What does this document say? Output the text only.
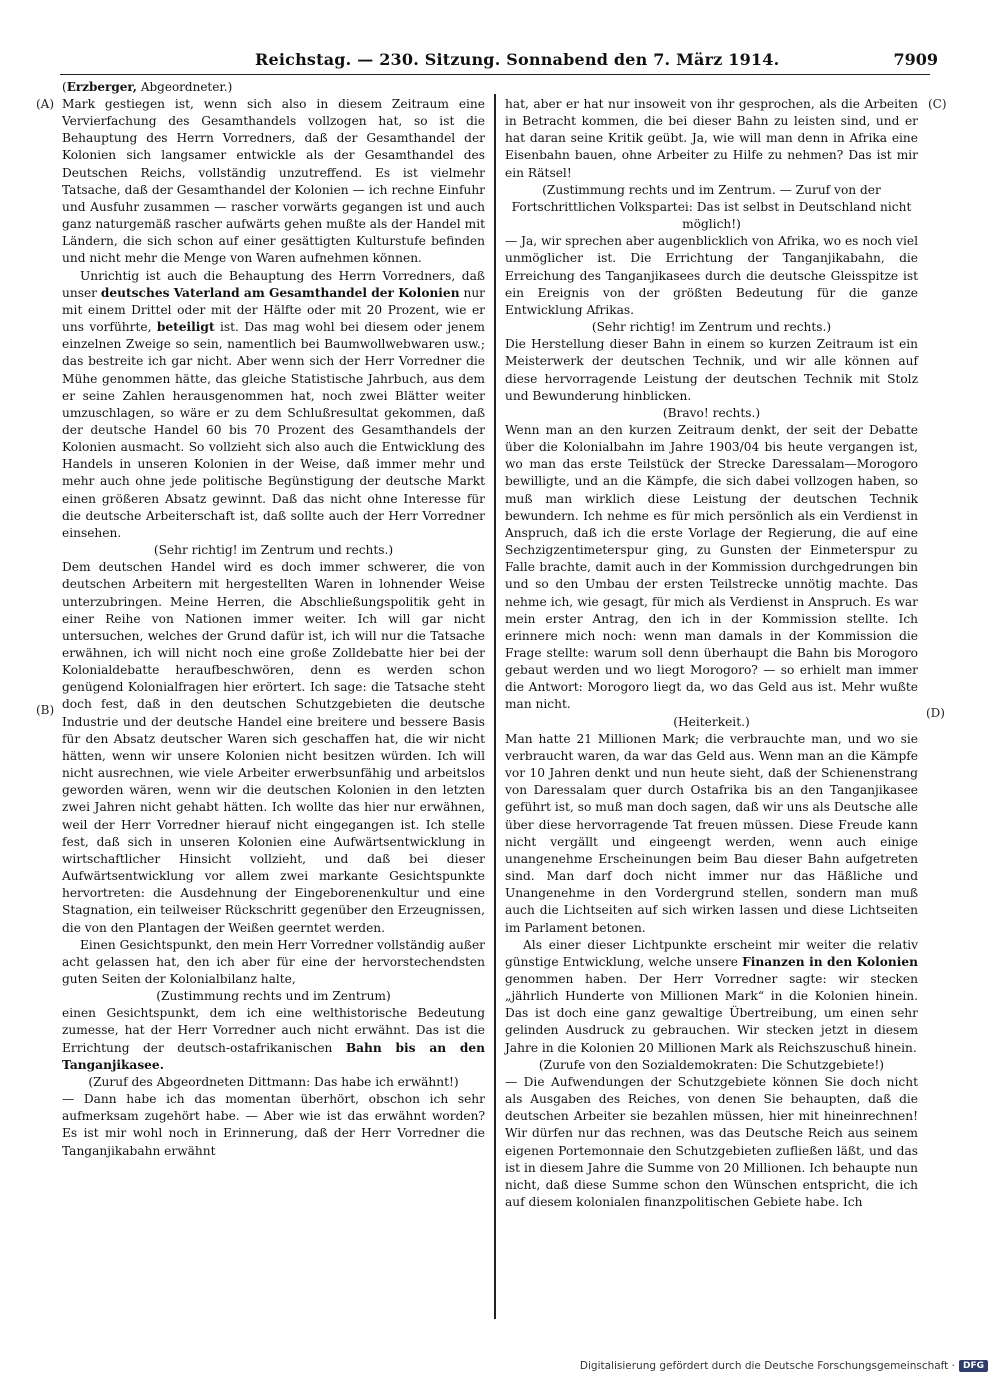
Reichstag. — 230. Sitzung. Sonnabend den 7. März 1914.	7909
(Erzberger, Abgeordneter.)
(A)
(B)
(C)
(D)

Mark gestiegen ist, wenn sich also in diesem Zeitraum eine Vervierfachung des Gesamthandels vollzogen hat, so ist die Behauptung des Herrn Vorredners, daß der Gesamthandel der Kolonien sich langsamer entwickle als der Gesamthandel des Deutschen Reichs, vollständig unzutreffend. Es ist vielmehr Tatsache, daß der Gesamthandel der Kolonien — ich rechne Einfuhr und Ausfuhr zusammen — rascher vorwärts gegangen ist und auch ganz naturgemäß rascher aufwärts gehen mußte als der Handel mit Ländern, die sich schon auf einer gesättigten Kulturstufe befinden und nicht mehr die Menge von Waren aufnehmen können.

Unrichtig ist auch die Behauptung des Herrn Vorredners, daß unser deutsches Vaterland am Gesamthandel der Kolonien nur mit einem Drittel oder mit der Hälfte oder mit 20 Prozent, wie er uns vorführte, beteiligt ist. Das mag wohl bei diesem oder jenem einzelnen Zweige so sein, namentlich bei Baumwollwebwaren usw.; das bestreite ich gar nicht. Aber wenn sich der Herr Vorredner die Mühe genommen hätte, das gleiche Statistische Jahrbuch, aus dem er seine Zahlen herausgenommen hat, noch zwei Blätter weiter umzuschlagen, so wäre er zu dem Schlußresultat gekommen, daß der deutsche Handel 60 bis 70 Prozent des Gesamthandels der Kolonien ausmacht. So vollzieht sich also auch die Entwicklung des Handels in unseren Kolonien in der Weise, daß immer mehr und mehr auch ohne jede politische Begünstigung der deutsche Markt einen größeren Absatz gewinnt. Daß das nicht ohne Interesse für die deutsche Arbeiterschaft ist, daß sollte auch der Herr Vorredner einsehen.

(Sehr richtig! im Zentrum und rechts.)

Dem deutschen Handel wird es doch immer schwerer, die von deutschen Arbeitern mit hergestellten Waren in lohnender Weise unterzubringen. Meine Herren, die Abschließungspolitik geht in einer Reihe von Nationen immer weiter. Ich will gar nicht untersuchen, welches der Grund dafür ist, ich will nur die Tatsache erwähnen, ich will nicht noch eine große Zolldebatte hier bei der Kolonialdebatte heraufbeschwören, denn es werden schon genügend Kolonialfragen hier erörtert. Ich sage: die Tatsache steht doch fest, daß in den deutschen Schutzgebieten die deutsche Industrie und der deutsche Handel eine breitere und bessere Basis für den Absatz deutscher Waren sich geschaffen hat, die wir nicht hätten, wenn wir unsere Kolonien nicht besitzen würden. Ich will nicht ausrechnen, wie viele Arbeiter erwerbsunfähig und arbeitslos geworden wären, wenn wir die deutschen Kolonien in den letzten zwei Jahren nicht gehabt hätten. Ich wollte das hier nur erwähnen, weil der Herr Vorredner hierauf nicht eingegangen ist. Ich stelle fest, daß sich in unseren Kolonien eine Aufwärtsentwicklung in wirtschaftlicher Hinsicht vollzieht, und daß bei dieser Aufwärtsentwicklung vor allem zwei markante Gesichtspunkte hervortreten: die Ausdehnung der Eingeborenenkultur und eine Stagnation, ein teilweiser Rückschritt gegenüber den Erzeugnissen, die von den Plantagen der Weißen geerntet werden.

Einen Gesichtspunkt, den mein Herr Vorredner vollständig außer acht gelassen hat, den ich aber für eine der hervorstechendsten guten Seiten der Kolonialbilanz halte,

(Zustimmung rechts und im Zentrum)

einen Gesichtspunkt, dem ich eine welthistorische Bedeutung zumesse, hat der Herr Vorredner auch nicht erwähnt. Das ist die Errichtung der deutsch-ostafrikanischen Bahn bis an den Tanganjikasee.

(Zuruf des Abgeordneten Dittmann: Das habe ich erwähnt!)

— Dann habe ich das momentan überhört, obschon ich sehr aufmerksam zugehört habe. — Aber wie ist das erwähnt worden? Es ist mir wohl noch in Erinnerung, daß der Herr Vorredner die Tanganjikabahn erwähnt

hat, aber er hat nur insoweit von ihr gesprochen, als die Arbeiten in Betracht kommen, die bei dieser Bahn zu leisten sind, und er hat daran seine Kritik geübt. Ja, wie will man denn in Afrika eine Eisenbahn bauen, ohne Arbeiter zu Hilfe zu nehmen? Das ist mir ein Rätsel!

(Zustimmung rechts und im Zentrum. — Zuruf von der Fortschrittlichen Volkspartei: Das ist selbst in Deutschland nicht möglich!)

— Ja, wir sprechen aber augenblicklich von Afrika, wo es noch viel unmöglicher ist. Die Errichtung der Tanganjikabahn, die Erreichung des Tanganjikasees durch die deutsche Gleisspitze ist ein Ereignis von der größten Bedeutung für die ganze Entwicklung Afrikas.

(Sehr richtig! im Zentrum und rechts.)

Die Herstellung dieser Bahn in einem so kurzen Zeitraum ist ein Meisterwerk der deutschen Technik, und wir alle können auf diese hervorragende Leistung der deutschen Technik mit Stolz und Bewunderung hinblicken.

(Bravo! rechts.)

Wenn man an den kurzen Zeitraum denkt, der seit der Debatte über die Kolonialbahn im Jahre 1903/04 bis heute vergangen ist, wo man das erste Teilstück der Strecke Daressalam—Morogoro bewilligte, und an die Kämpfe, die sich dabei vollzogen haben, so muß man wirklich diese Leistung der deutschen Technik bewundern. Ich nehme es für mich persönlich als ein Verdienst in Anspruch, daß ich die erste Vorlage der Regierung, die auf eine Sechzigzentimeterspur ging, zu Gunsten der Einmeterspur zu Falle brachte, damit auch in der Kommission durchgedrungen bin und so den Umbau der ersten Teilstrecke unnötig machte. Das nehme ich, wie gesagt, für mich als Verdienst in Anspruch. Es war mein erster Antrag, den ich in der Kommission stellte. Ich erinnere mich noch: wenn man damals in der Kommission die Frage stellte: warum soll denn überhaupt die Bahn bis Morogoro gebaut werden und wo liegt Morogoro? — so erhielt man immer die Antwort: Morogoro liegt da, wo das Geld aus ist. Mehr wußte man nicht.

(Heiterkeit.)

Man hatte 21 Millionen Mark; die verbrauchte man, und wo sie verbraucht waren, da war das Geld aus. Wenn man an die Kämpfe vor 10 Jahren denkt und nun heute sieht, daß der Schienenstrang von Daressalam quer durch Ostafrika bis an den Tanganjikasee geführt ist, so muß man doch sagen, daß wir uns als Deutsche alle über diese hervorragende Tat freuen müssen. Diese Freude kann nicht vergällt und eingeengt werden, wenn auch einige unangenehme Erscheinungen beim Bau dieser Bahn aufgetreten sind. Man darf doch nicht immer nur das Häßliche und Unangenehme in den Vordergrund stellen, sondern man muß auch die Lichtseiten auf sich wirken lassen und diese Lichtseiten im Parlament betonen.

Als einer dieser Lichtpunkte erscheint mir weiter die relativ günstige Entwicklung, welche unsere Finanzen in den Kolonien genommen haben. Der Herr Vorredner sagte: wir stecken „jährlich Hunderte von Millionen Mark“ in die Kolonien hinein. Das ist doch eine ganz gewaltige Übertreibung, um einen sehr gelinden Ausdruck zu gebrauchen. Wir stecken jetzt in diesem Jahre in die Kolonien 20 Millionen Mark als Reichszuschuß hinein.

(Zurufe von den Sozialdemokraten: Die Schutzgebiete!)

— Die Aufwendungen der Schutzgebiete können Sie doch nicht als Ausgaben des Reiches, von denen Sie behaupten, daß die deutschen Arbeiter sie bezahlen müssen, hier mit hineinrechnen! Wir dürfen nur das rechnen, was das Deutsche Reich aus seinem eigenen Portemonnaie den Schutzgebieten zufließen läßt, und das ist in diesem Jahre die Summe von 20 Millionen. Ich behaupte nun nicht, daß diese Summe schon den Wünschen entspricht, die ich auf diesem kolonialen finanzpolitischen Gebiete habe. Ich

Digitalisierung gefördert durch die Deutsche Forschungsgemeinschaft · DFG
